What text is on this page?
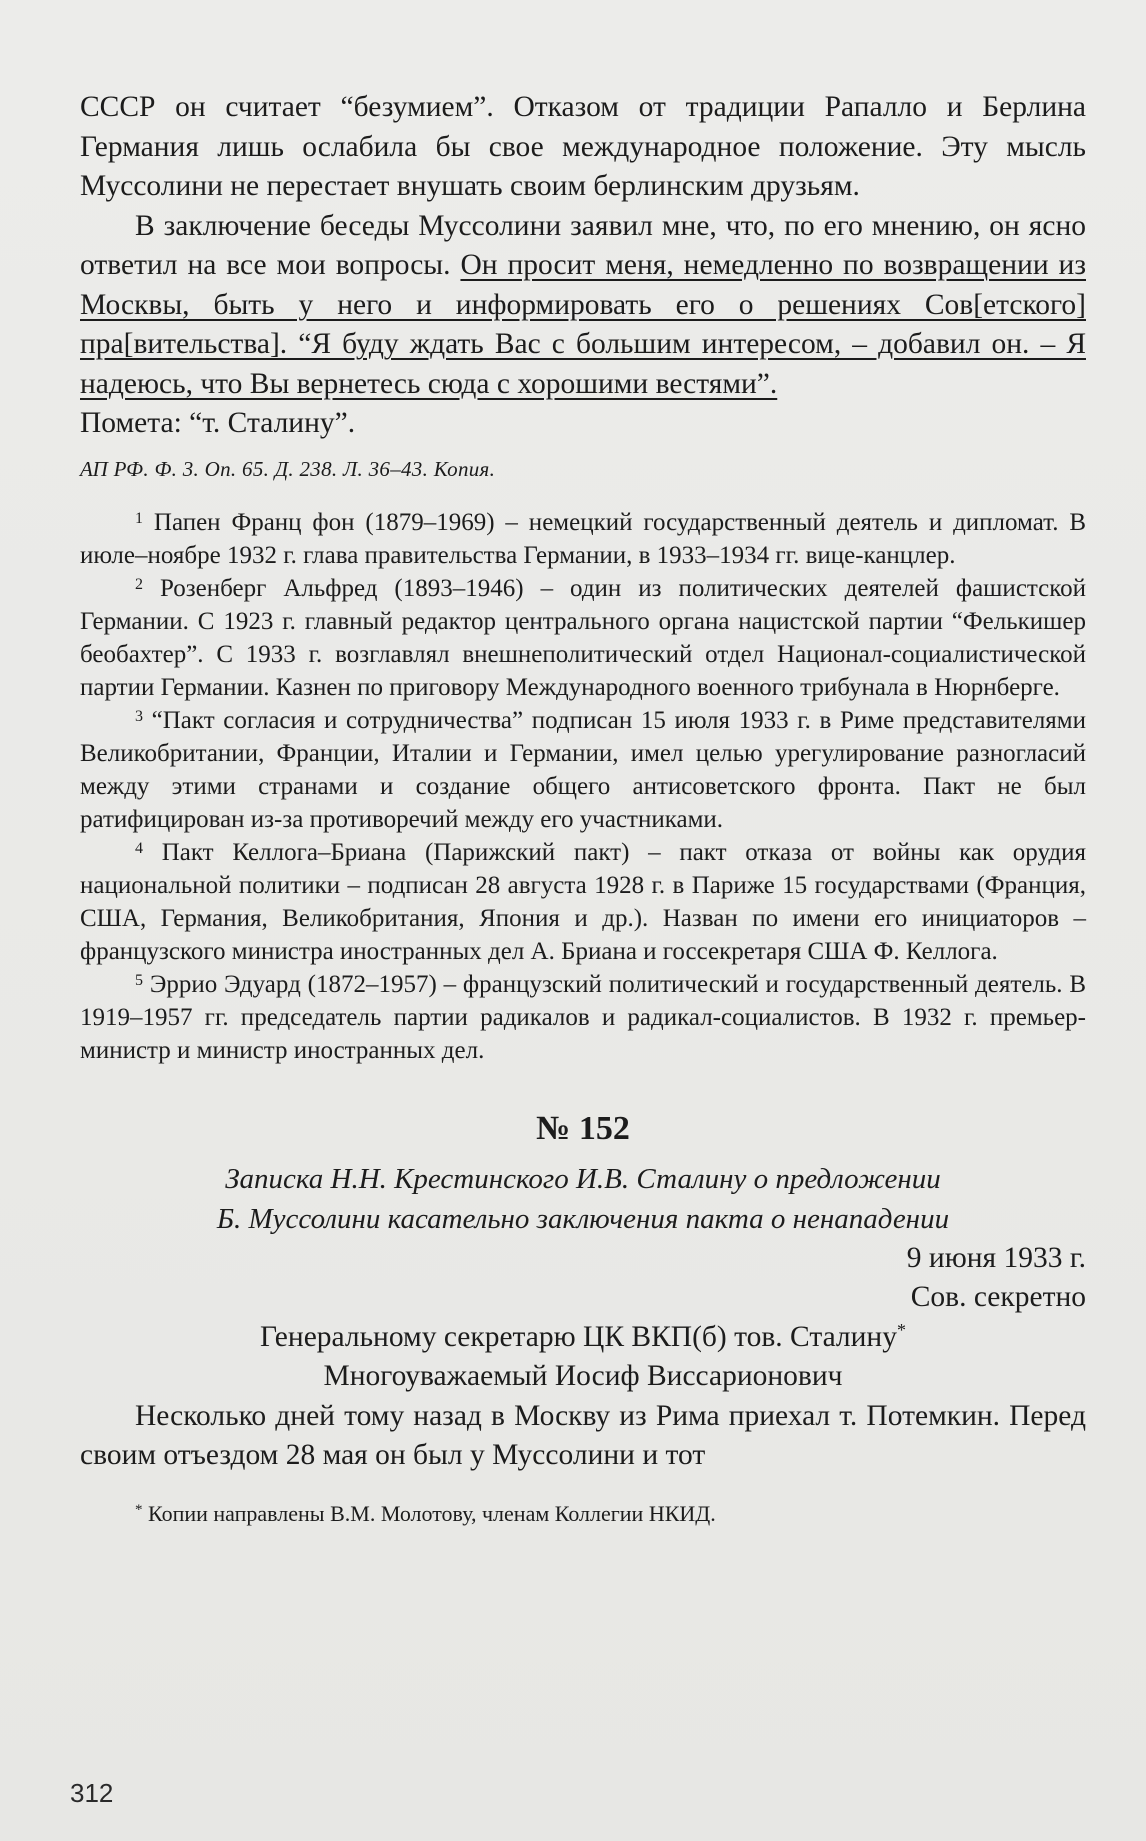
СССР он считает “безумием”. Отказом от традиции Рапалло и Берлина Германия лишь ослабила бы свое международное положение. Эту мысль Муссолини не перестает внушать своим берлинским друзьям.

В заключение беседы Муссолини заявил мне, что, по его мнению, он ясно ответил на все мои вопросы. Он просит меня, немедленно по возвращении из Москвы, быть у него и информировать его о решениях Сов[етского] пра[вительства]. “Я буду ждать Вас с большим интересом, – добавил он. – Я надеюсь, что Вы вернетесь сюда с хорошими вестями”.

Помета: “т. Сталину”.

АП РФ. Ф. 3. Оп. 65. Д. 238. Л. 36–43. Копия.

$^1$ Папен Франц фон (1879–1969) – немецкий государственный деятель и дипломат. В июле–ноябре 1932 г. глава правительства Германии, в 1933–1934 гг. вице-канцлер.

$^2$ Розенберг Альфред (1893–1946) – один из политических деятелей фашистской Германии. С 1923 г. главный редактор центрального органа нацистской партии “Фелькишер беобахтер”. С 1933 г. возглавлял внешнеполитический отдел Национал-социалистической партии Германии. Казнен по приговору Международного военного трибунала в Нюрнберге.

$^3$ “Пакт согласия и сотрудничества” подписан 15 июля 1933 г. в Риме представителями Великобритании, Франции, Италии и Германии, имел целью урегулирование разногласий между этими странами и создание общего антисоветского фронта. Пакт не был ратифицирован из-за противоречий между его участниками.

$^4$ Пакт Келлога–Бриана (Парижский пакт) – пакт отказа от войны как орудия национальной политики – подписан 28 августа 1928 г. в Париже 15 государствами (Франция, США, Германия, Великобритания, Япония и др.). Назван по имени его инициаторов – французского министра иностранных дел А. Бриана и госсекретаря США Ф. Келлога.

$^5$ Эррио Эдуард (1872–1957) – французский политический и государственный деятель. В 1919–1957 гг. председатель партии радикалов и радикал-социалистов. В 1932 г. премьер-министр и министр иностранных дел.

№ 152
Записка Н.Н. Крестинского И.В. Сталину о предложении
Б. Муссолини касательно заключения пакта о ненападении

9 июня 1933 г.

Сов. секретно

Генеральному секретарю ЦК ВКП(б) тов. Сталину*

Многоуважаемый Иосиф Виссарионович

Несколько дней тому назад в Москву из Рима приехал т. Потемкин. Перед своим отъездом 28 мая он был у Муссолини и тот

* Копии направлены В.М. Молотову, членам Коллегии НКИД.

312
